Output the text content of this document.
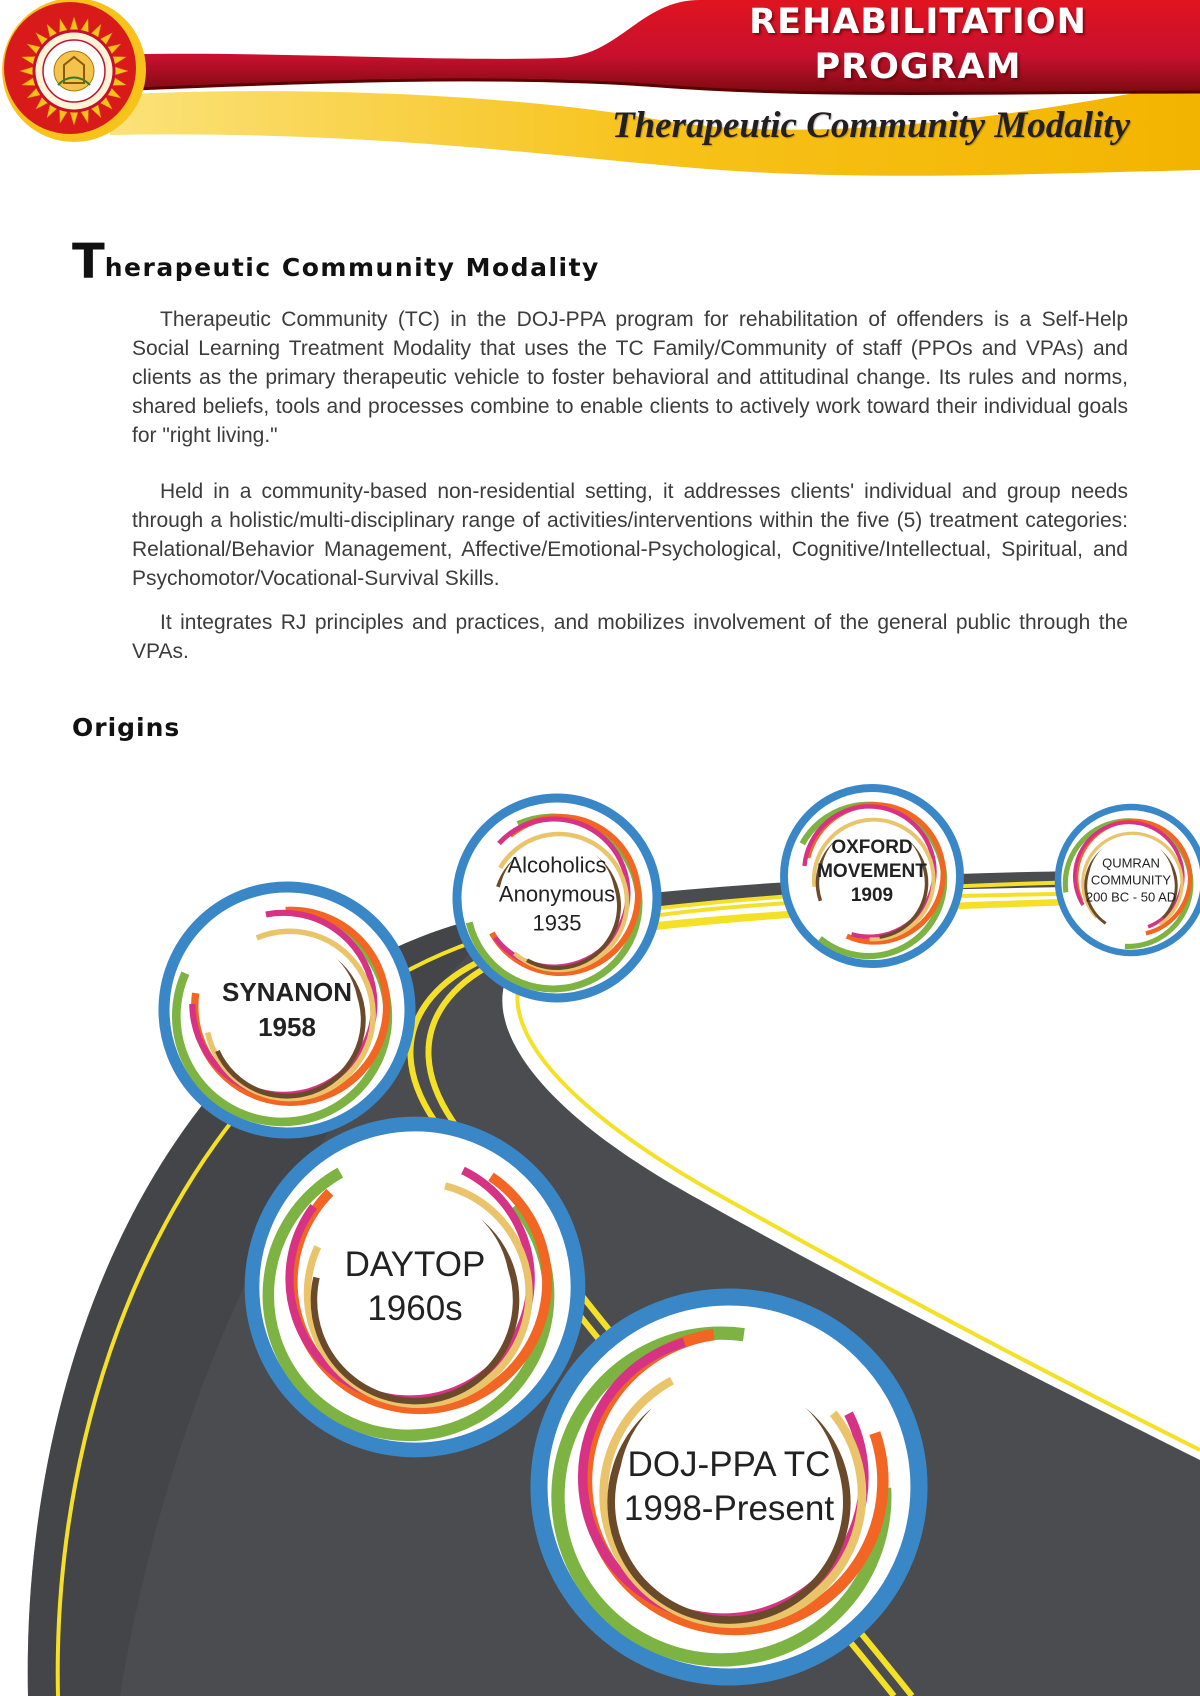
REHABILITATION
PROGRAM
Therapeutic Community Modality
Therapeutic Community Modality

Therapeutic Community (TC) in the DOJ-PPA program for rehabilitation of offenders is a Self-Help Social Learning Treatment Modality that uses the TC Family/Community of staff (PPOs and VPAs) and clients as the primary therapeutic vehicle to foster behavioral and attitudinal change. Its rules and norms, shared beliefs, tools and processes combine to enable clients to actively work toward their individual goals for "right living."

Held in a community-based non-residential setting, it addresses clients' individual and group needs through a holistic/multi-disciplinary range of activities/interventions within the five (5) treatment categories: Relational/Behavior Management, Affective/Emotional-Psychological, Cognitive/Intellectual, Spiritual, and Psychomotor/Vocational-Survival Skills.

It integrates RJ principles and practices, and mobilizes involvement of the general public through the VPAs.

Origins
QUMRAN
COMMUNITY
200 BC - 50 AD
OXFORD
MOVEMENT
1909
Alcoholics
Anonymous
1935
SYNANON
1958
DAYTOP
1960s
DOJ-PPA TC
1998-Present
